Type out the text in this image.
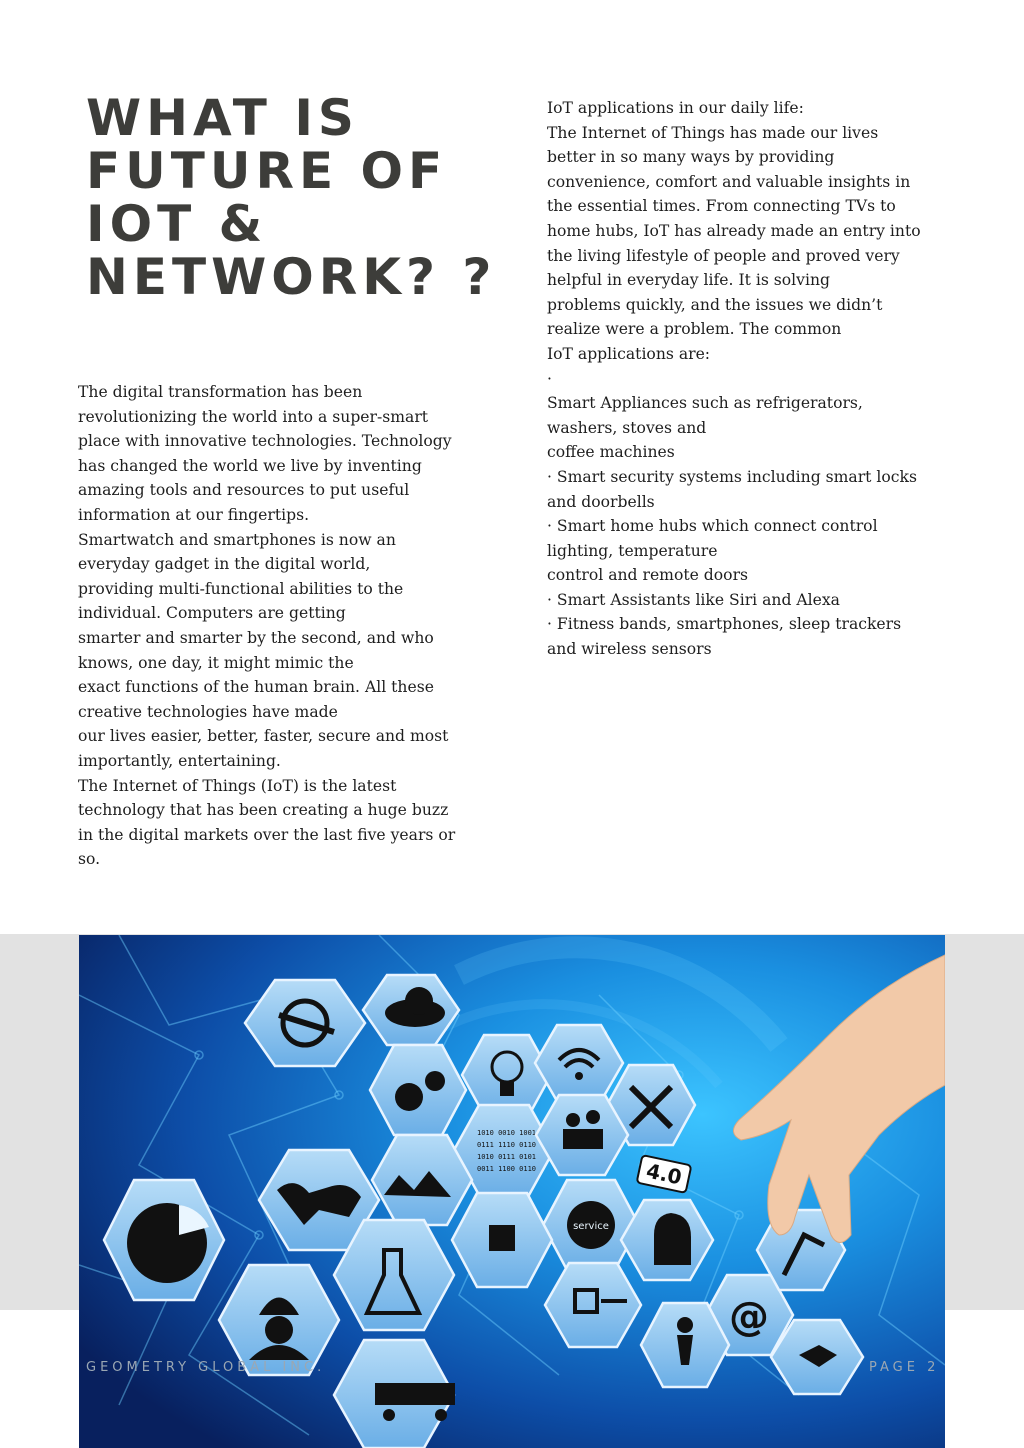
WHAT IS FUTURE OF IOT & NETWORK? ?
The digital transformation has been
revolutionizing the world into a super-smart
place with innovative technologies. Technology
has changed the world we live by inventing
amazing tools and resources to put useful
information at our fingertips.
Smartwatch and smartphones is now an
everyday gadget in the digital world,
providing multi-functional abilities to the
individual. Computers are getting
smarter and smarter by the second, and who
knows, one day, it might mimic the
exact functions of the human brain. All these
creative technologies have made
our lives easier, better, faster, secure and most
importantly, entertaining.
The Internet of Things (IoT) is the latest
technology that has been creating a huge buzz
in the digital markets over the last five years or
so.
IoT applications in our daily life:
The Internet of Things has made our lives
better in so many ways by providing
convenience, comfort and valuable insights in
the essential times. From connecting TVs to
home hubs, IoT has already made an entry into
the living lifestyle of people and proved very
helpful in everyday life. It is solving
problems quickly, and the issues we didn’t
realize were a problem. The common
IoT applications are:
·
Smart Appliances such as refrigerators,
washers, stoves and
coffee machines
· Smart security systems including smart locks
and doorbells
· Smart home hubs which connect control
lighting, temperature
control and remote doors
· Smart Assistants like Siri and Alexa
· Fitness bands, smartphones, sleep trackers
and wireless sensors
1010 0010 1001
0111 1110 0110
1010 0111 0101
0011 1100 0110
service
@
4.0
GEOMETRY GLOBAL INC.	PAGE 2
